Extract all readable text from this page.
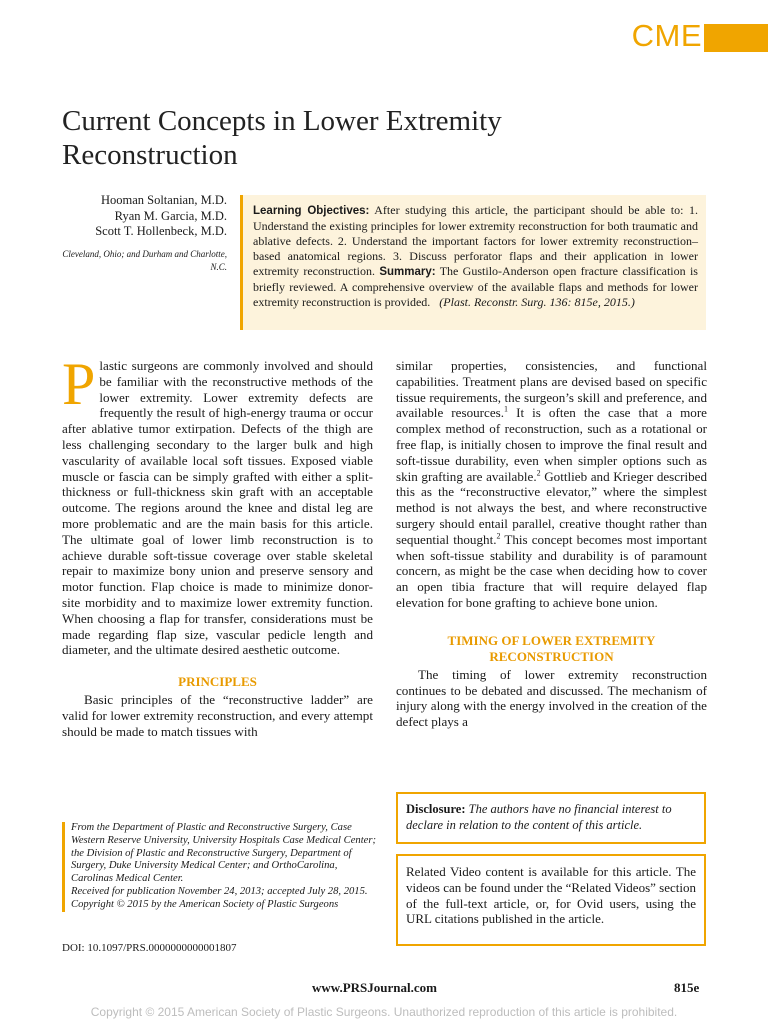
CME
Current Concepts in Lower Extremity Reconstruction
Hooman Soltanian, M.D.
Ryan M. Garcia, M.D.
Scott T. Hollenbeck, M.D.
Cleveland, Ohio; and Durham and Charlotte, N.C.
Learning Objectives: After studying this article, the participant should be able to: 1. Understand the existing principles for lower extremity reconstruction for both traumatic and ablative defects. 2. Understand the important factors for lower extremity reconstruction–based anatomical regions. 3. Discuss perforator flaps and their application in lower extremity reconstruction. Summary: The Gustilo-Anderson open fracture classification is briefly reviewed. A comprehensive overview of the available flaps and methods for lower extremity reconstruction is provided. (Plast. Reconstr. Surg. 136: 815e, 2015.)

Plastic surgeons are commonly involved and should be familiar with the reconstructive methods of the lower extremity. Lower extremity defects are frequently the result of high-energy trauma or occur after ablative tumor extirpation. Defects of the thigh are less challenging secondary to the larger bulk and high vascularity of available local soft tissues. Exposed viable muscle or fascia can be simply grafted with either a split-thickness or full-thickness skin graft with an acceptable outcome. The regions around the knee and distal leg are more problematic and are the main basis for this article. The ultimate goal of lower limb reconstruction is to achieve durable soft-tissue coverage over stable skeletal repair to maximize bony union and preserve sensory and motor function. Flap choice is made to minimize donor-site morbidity and to maximize lower extremity function. When choosing a flap for transfer, considerations must be made regarding flap size, vascular pedicle length and diameter, and the ultimate desired aesthetic outcome.

PRINCIPLES

Basic principles of the “reconstructive ladder” are valid for lower extremity reconstruction, and every attempt should be made to match tissues with

similar properties, consistencies, and functional capabilities. Treatment plans are devised based on specific tissue requirements, the surgeon’s skill and preference, and available resources.$^1$ It is often the case that a more complex method of reconstruction, such as a rotational or free flap, is initially chosen to improve the final result and soft-tissue durability, even when simpler options such as skin grafting are available.$^2$ Gottlieb and Krieger described this as the “reconstructive elevator,” where the simplest method is not always the best, and where reconstructive surgery should entail parallel, creative thought rather than sequential thought.$^2$ This concept becomes most important when soft-tissue stability and durability is of paramount concern, as might be the case when deciding how to cover an open tibia fracture that will require delayed flap elevation for bone grafting to achieve bone union.

TIMING OF LOWER EXTREMITY RECONSTRUCTION

The timing of lower extremity reconstruction continues to be debated and discussed. The mechanism of injury along with the energy involved in the creation of the defect plays a

Disclosure: The authors have no financial interest to declare in relation to the content of this article.
Related Video content is available for this article. The videos can be found under the “Related Videos” section of the full-text article, or, for Ovid users, using the URL citations published in the article.
From the Department of Plastic and Reconstructive Surgery, Case Western Reserve University, University Hospitals Case Medical Center; the Division of Plastic and Reconstructive Surgery, Department of Surgery, Duke University Medical Center; and OrthoCarolina, Carolinas Medical Center.
Received for publication November 24, 2013; accepted July 28, 2015.
Copyright © 2015 by the American Society of Plastic Surgeons
DOI: 10.1097/PRS.0000000000001807
www.PRSJournal.com	815e
Copyright © 2015 American Society of Plastic Surgeons. Unauthorized reproduction of this article is prohibited.
